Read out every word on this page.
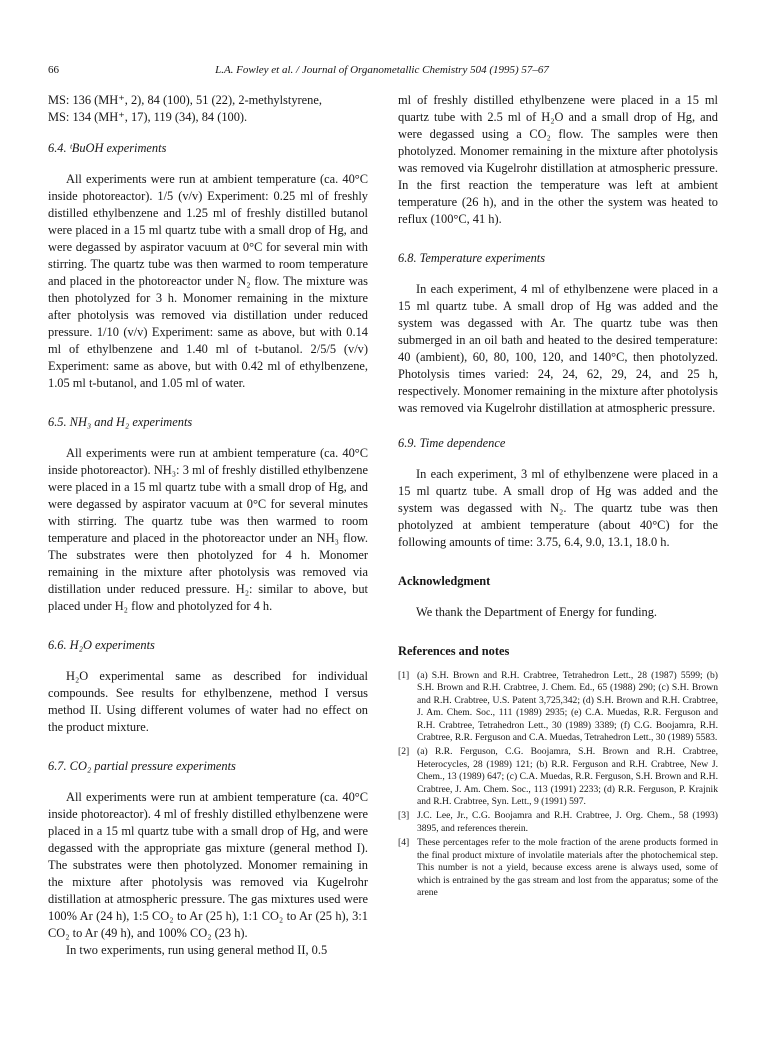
66	L.A. Fowley et al. / Journal of Organometallic Chemistry 504 (1995) 57–67

MS: 136 (MH⁺, 2), 84 (100), 51 (22), 2-methylstyrene,

MS: 134 (MH⁺, 17), 119 (34), 84 (100).

6.4. ᵗBuOH experiments

All experiments were run at ambient temperature (ca. 40°C inside photoreactor). 1/5 (v/v) Experiment: 0.25 ml of freshly distilled ethylbenzene and 1.25 ml of freshly distilled butanol were placed in a 15 ml quartz tube with a small drop of Hg, and were degassed by aspirator vacuum at 0°C for several min with stirring. The quartz tube was then warmed to room temperature and placed in the photoreactor under N₂ flow. The mixture was then photolyzed for 3 h. Monomer remaining in the mixture after photolysis was removed via distillation under reduced pressure. 1/10 (v/v) Experiment: same as above, but with 0.14 ml of ethylbenzene and 1.40 ml of t-butanol. 2/5/5 (v/v) Experiment: same as above, but with 0.42 ml of ethylbenzene, 1.05 ml t-butanol, and 1.05 ml of water.

6.5. NH₃ and H₂ experiments

All experiments were run at ambient temperature (ca. 40°C inside photoreactor). NH₃: 3 ml of freshly distilled ethylbenzene were placed in a 15 ml quartz tube with a small drop of Hg, and were degassed by aspirator vacuum at 0°C for several minutes with stirring. The quartz tube was then warmed to room temperature and placed in the photoreactor under an NH₃ flow. The substrates were then photolyzed for 4 h. Monomer remaining in the mixture after photolysis was removed via distillation under reduced pressure. H₂: similar to above, but placed under H₂ flow and photolyzed for 4 h.

6.6. H₂O experiments

H₂O experimental same as described for individual compounds. See results for ethylbenzene, method I versus method II. Using different volumes of water had no effect on the product mixture.

6.7. CO₂ partial pressure experiments

All experiments were run at ambient temperature (ca. 40°C inside photoreactor). 4 ml of freshly distilled ethylbenzene were placed in a 15 ml quartz tube with a small drop of Hg, and were degassed with the appropriate gas mixture (general method I). The substrates were then photolyzed. Monomer remaining in the mixture after photolysis was removed via Kugelrohr distillation at atmospheric pressure. The gas mixtures used were 100% Ar (24 h), 1:5 CO₂ to Ar (25 h), 1:1 CO₂ to Ar (25 h), 3:1 CO₂ to Ar (49 h), and 100% CO₂ (23 h).

In two experiments, run using general method II, 0.5

ml of freshly distilled ethylbenzene were placed in a 15 ml quartz tube with 2.5 ml of H₂O and a small drop of Hg, and were degassed using a CO₂ flow. The samples were then photolyzed. Monomer remaining in the mixture after photolysis was removed via Kugelrohr distillation at atmospheric pressure. In the first reaction the temperature was left at ambient temperature (26 h), and in the other the system was heated to reflux (100°C, 41 h).

6.8. Temperature experiments

In each experiment, 4 ml of ethylbenzene were placed in a 15 ml quartz tube. A small drop of Hg was added and the system was degassed with Ar. The quartz tube was then submerged in an oil bath and heated to the desired temperature: 40 (ambient), 60, 80, 100, 120, and 140°C, then photolyzed. Photolysis times varied: 24, 24, 62, 29, 24, and 25 h, respectively. Monomer remaining in the mixture after photolysis was removed via Kugelrohr distillation at atmospheric pressure.

6.9. Time dependence

In each experiment, 3 ml of ethylbenzene were placed in a 15 ml quartz tube. A small drop of Hg was added and the system was degassed with N₂. The quartz tube was then photolyzed at ambient temperature (about 40°C) for the following amounts of time: 3.75, 6.4, 9.0, 13.1, 18.0 h.

Acknowledgment

We thank the Department of Energy for funding.

References and notes

[1] (a) S.H. Brown and R.H. Crabtree, Tetrahedron Lett., 28 (1987) 5599; (b) S.H. Brown and R.H. Crabtree, J. Chem. Ed., 65 (1988) 290; (c) S.H. Brown and R.H. Crabtree, U.S. Patent 3,725,342; (d) S.H. Brown and R.H. Crabtree, J. Am. Chem. Soc., 111 (1989) 2935; (e) C.A. Muedas, R.R. Ferguson and R.H. Crabtree, Tetrahedron Lett., 30 (1989) 3389; (f) C.G. Boojamra, R.H. Crabtree, R.R. Ferguson and C.A. Muedas, Tetrahedron Lett., 30 (1989) 5583.

[2] (a) R.R. Ferguson, C.G. Boojamra, S.H. Brown and R.H. Crabtree, Heterocycles, 28 (1989) 121; (b) R.R. Ferguson and R.H. Crabtree, New J. Chem., 13 (1989) 647; (c) C.A. Muedas, R.R. Ferguson, S.H. Brown and R.H. Crabtree, J. Am. Chem. Soc., 113 (1991) 2233; (d) R.R. Ferguson, P. Krajnik and R.H. Crabtree, Syn. Lett., 9 (1991) 597.

[3] J.C. Lee, Jr., C.G. Boojamra and R.H. Crabtree, J. Org. Chem., 58 (1993) 3895, and references therein.

[4] These percentages refer to the mole fraction of the arene products formed in the final product mixture of involatile materials after the photochemical step. This number is not a yield, because excess arene is always used, some of which is entrained by the gas stream and lost from the apparatus; some of the arene
